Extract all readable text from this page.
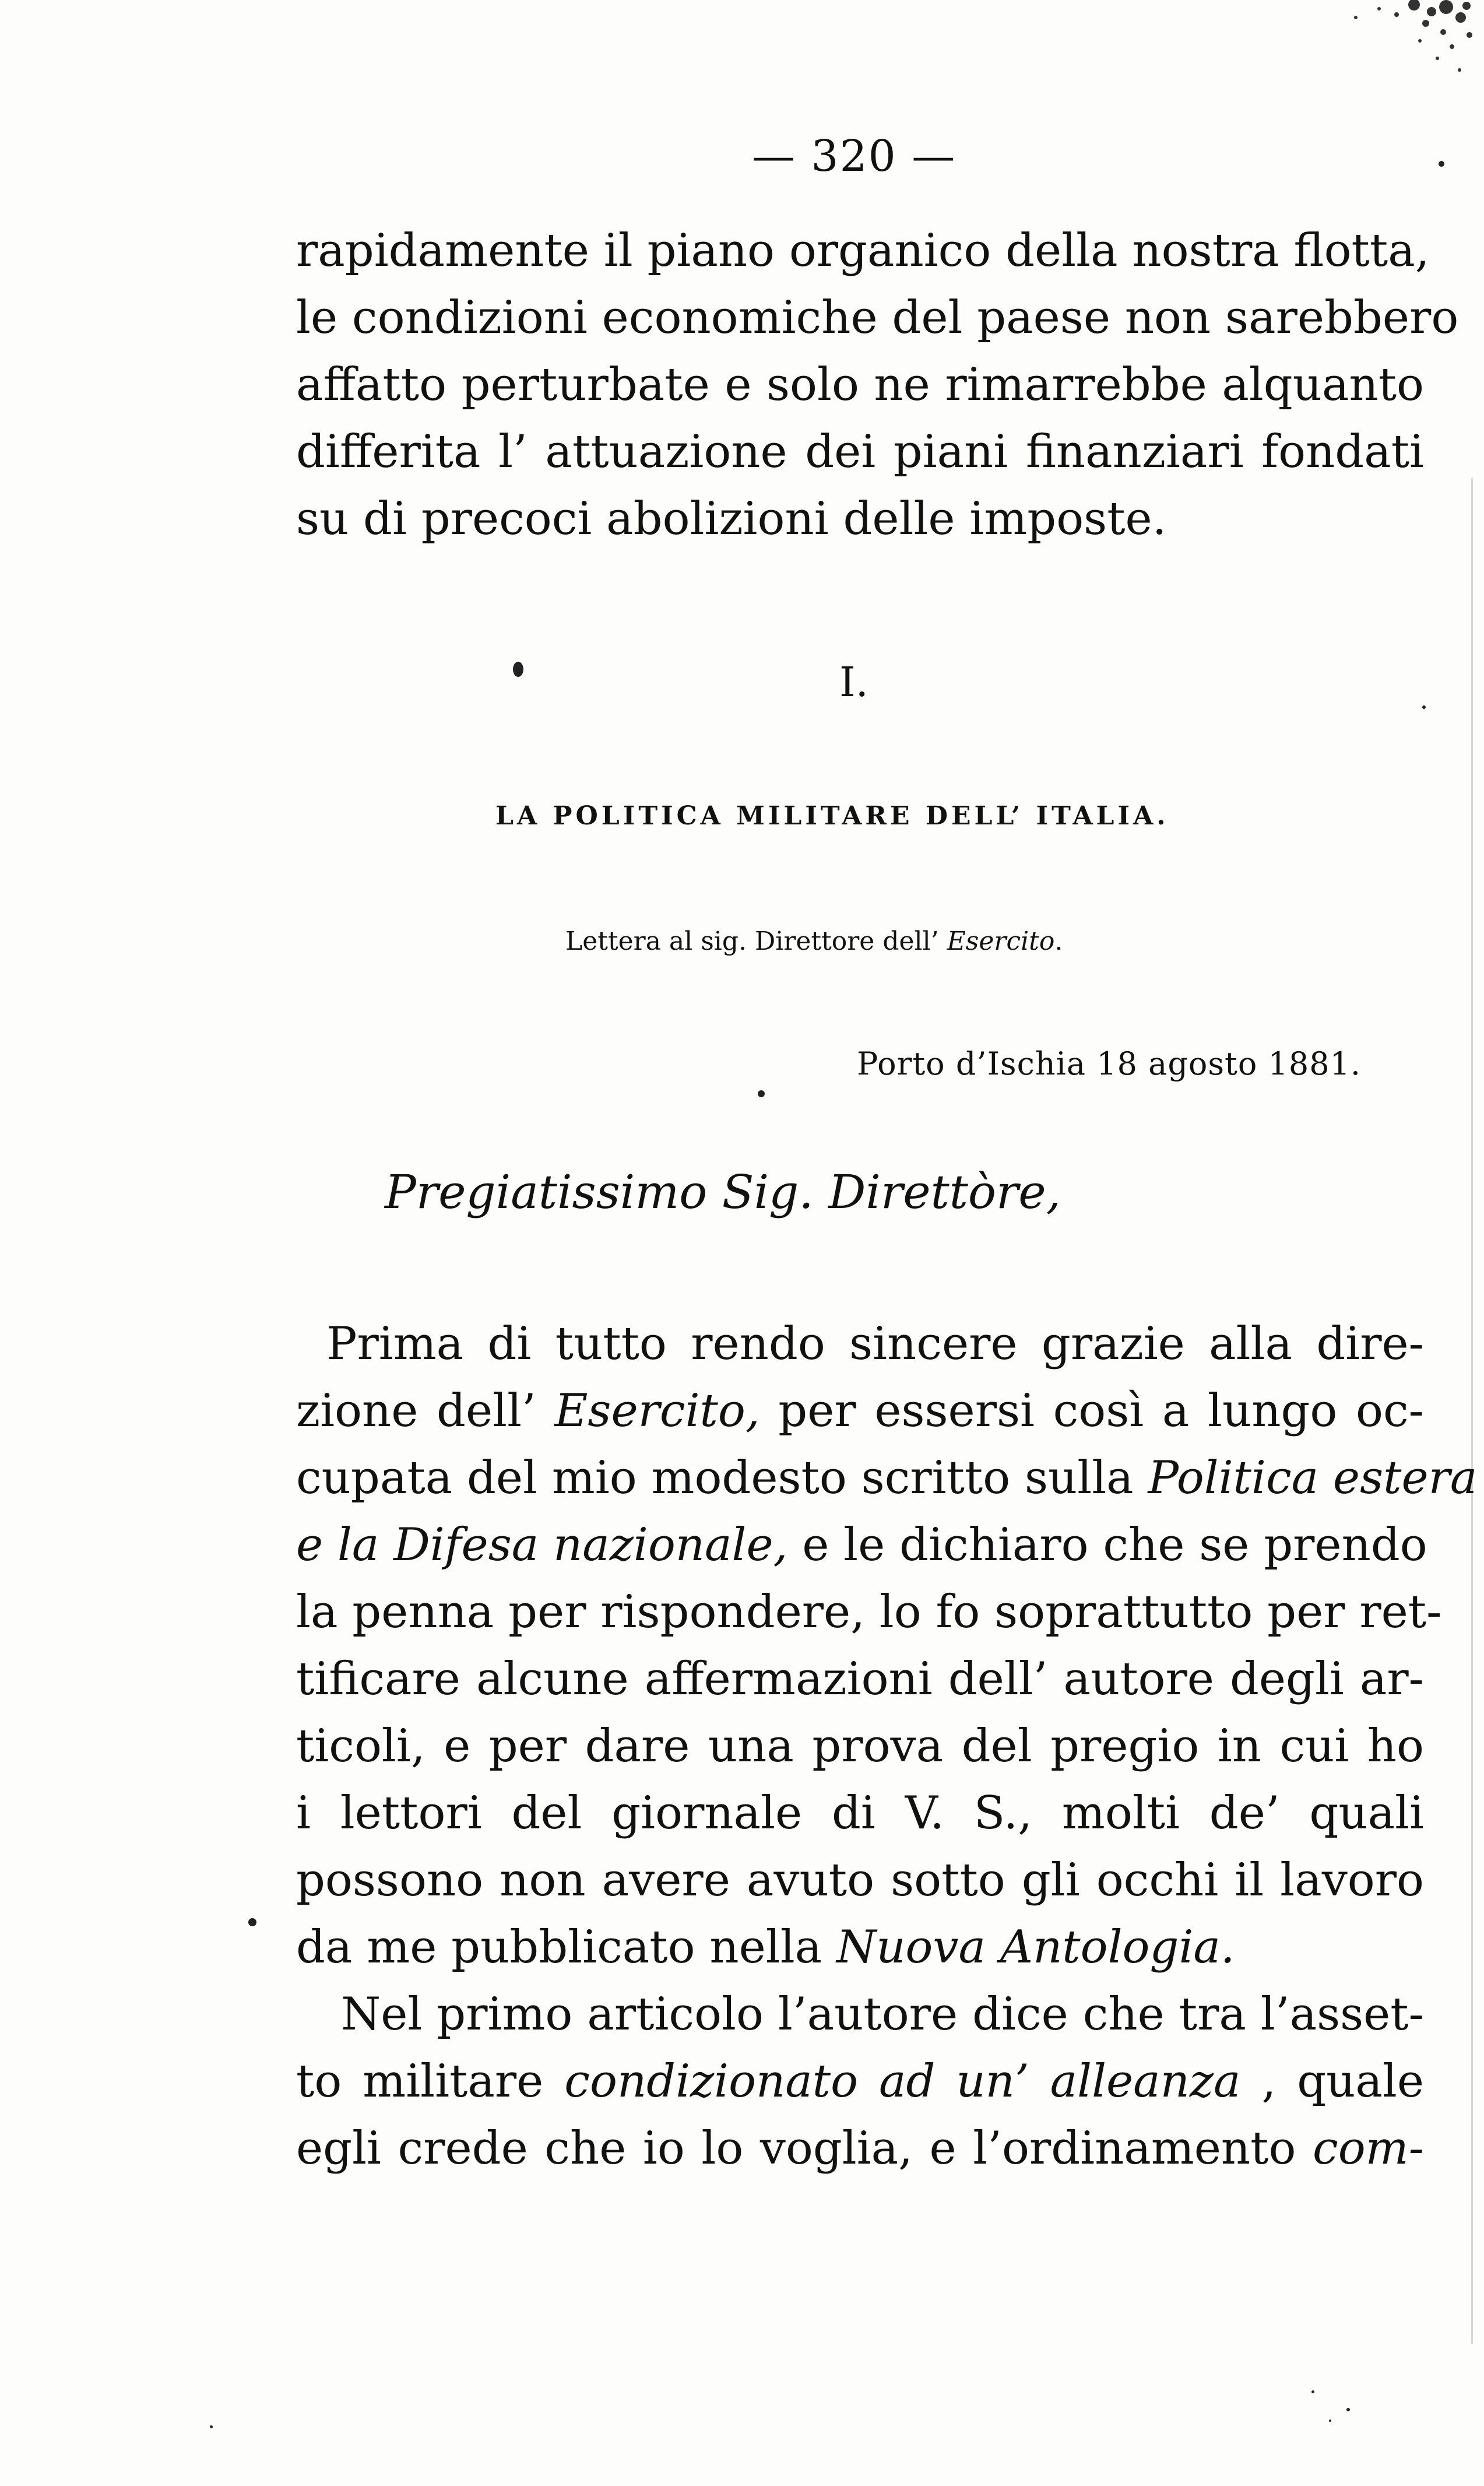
— 320 —
rapidamente il piano organico della nostra flotta,
le condizioni economiche del paese non sarebbero
affatto perturbate e solo ne rimarrebbe alquanto
differita l’ attuazione dei piani finanziari fondati
su di precoci abolizioni delle imposte.
I.
LA POLITICA MILITARE DELL’ ITALIA.
Lettera al sig. Direttore dell’ Esercito.
Porto d’Ischia 18 agosto 1881.
Pregiatissimo Sig. Direttòre,
Prima di tutto rendo sincere grazie alla dire-
zione dell’ Esercito, per essersi così a lungo oc-
cupata del mio modesto scritto sulla Politica estera
e la Difesa nazionale, e le dichiaro che se prendo
la penna per rispondere, lo fo soprattutto per ret-
tificare alcune affermazioni dell’ autore degli ar-
ticoli, e per dare una prova del pregio in cui ho
i lettori del giornale di V. S., molti de’ quali
possono non avere avuto sotto gli occhi il lavoro
da me pubblicato nella Nuova Antologia.
Nel primo articolo l’autore dice che tra l’asset-
to militare condizionato ad un’ alleanza , quale
egli crede che io lo voglia, e l’ordinamento com-
